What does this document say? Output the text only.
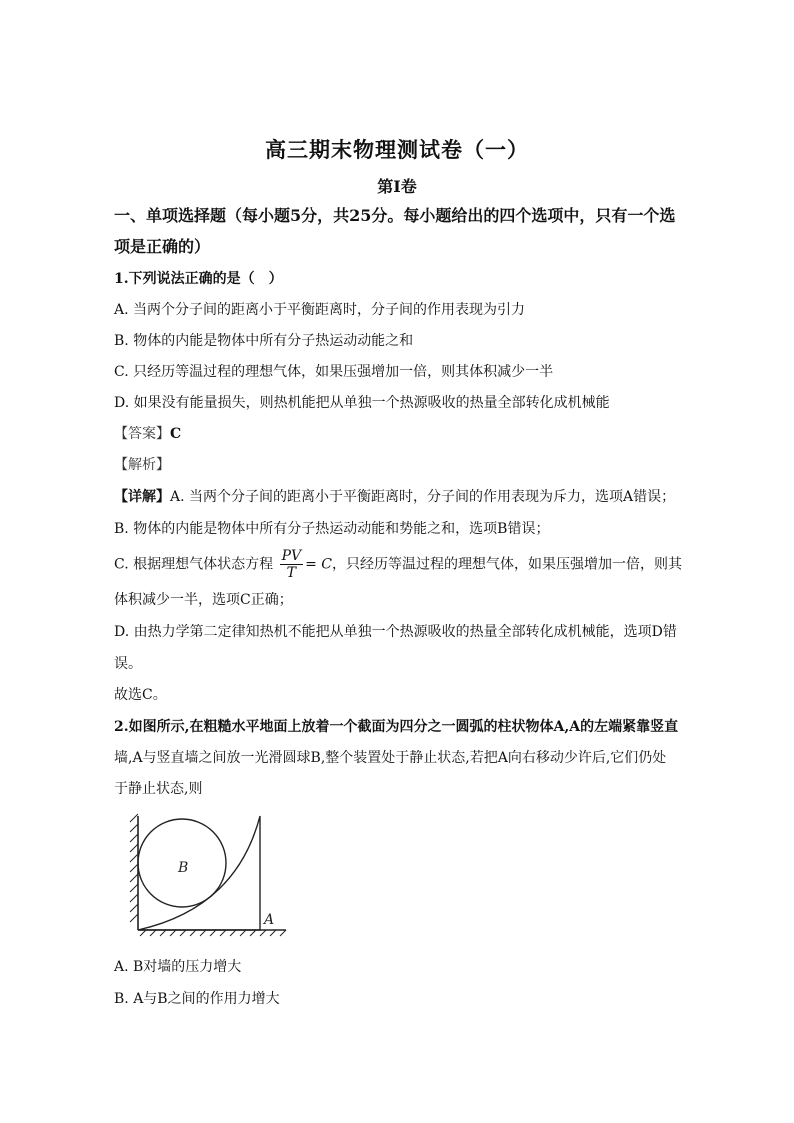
高三期末物理测试卷（一）
第Ⅰ卷
一、单项选择题（每小题5分，共25分。每小题给出的四个选项中，只有一个选项是正确的）
1.下列说法正确的是（　）
A. 当两个分子间的距离小于平衡距离时，分子间的作用表现为引力
B. 物体的内能是物体中所有分子热运动动能之和
C. 只经历等温过程的理想气体，如果压强增加一倍，则其体积减少一半
D. 如果没有能量损失，则热机能把从单独一个热源吸收的热量全部转化成机械能
【答案】C
【解析】
【详解】A. 当两个分子间的距离小于平衡距离时，分子间的作用表现为斥力，选项A错误；
B. 物体的内能是物体中所有分子热运动动能和势能之和，选项B错误；
C. 根据理想气体状态方程 $\frac{PV}{T} = C$，只经历等温过程的理想气体，如果压强增加一倍，则其
体积减少一半，选项C正确；
D. 由热力学第二定律知热机不能把从单独一个热源吸收的热量全部转化成机械能，选项D错
误。
故选C。
2.如图所示,在粗糙水平地面上放着一个截面为四分之一圆弧的柱状物体A,A的左端紧靠竖直
墙,A与竖直墙之间放一光滑圆球B,整个装置处于静止状态,若把A向右移动少许后,它们仍处
于静止状态,则
B
A
A. B对墙的压力增大
B. A与B之间的作用力增大
